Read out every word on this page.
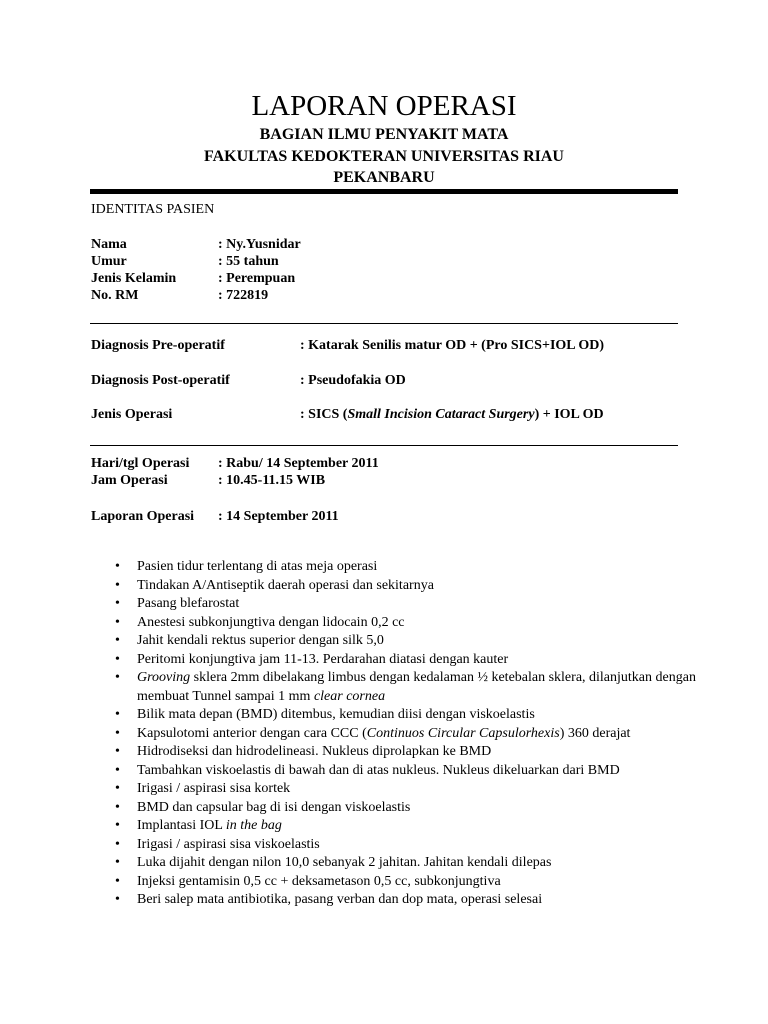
LAPORAN OPERASI
BAGIAN ILMU PENYAKIT MATA
FAKULTAS KEDOKTERAN UNIVERSITAS RIAU
PEKANBARU
IDENTITAS PASIEN
Nama	: Ny.Yusnidar
Umur	: 55 tahun
Jenis Kelamin	: Perempuan
No. RM	: 722819
Diagnosis Pre-operatif	: Katarak Senilis matur OD + (Pro SICS+IOL OD)
Diagnosis Post-operatif	: Pseudofakia OD
Jenis Operasi	: SICS (Small Incision Cataract Surgery) + IOL OD
Hari/tgl Operasi : Rabu/ 14 September 2011
Jam Operasi	: 10.45-11.15 WIB
Laporan Operasi : 14 September 2011
• Pasien tidur terlentang di atas meja operasi
• Tindakan A/Antiseptik daerah operasi dan sekitarnya
• Pasang blefarostat
• Anestesi subkonjungtiva dengan lidocain 0,2 cc
• Jahit kendali rektus superior dengan silk 5,0
• Peritomi konjungtiva jam 11-13. Perdarahan diatasi dengan kauter
• Grooving sklera 2mm dibelakang limbus dengan kedalaman ½ ketebalan sklera, dilanjutkan dengan membuat Tunnel sampai 1 mm clear cornea
• Bilik mata depan (BMD) ditembus, kemudian diisi dengan viskoelastis
• Kapsulotomi anterior dengan cara CCC (Continuos Circular Capsulorhexis) 360 derajat
• Hidrodiseksi dan hidrodelineasi. Nukleus diprolapkan ke BMD
• Tambahkan viskoelastis di bawah dan di atas nukleus. Nukleus dikeluarkan dari BMD
• Irigasi / aspirasi sisa kortek
• BMD dan capsular bag di isi dengan viskoelastis
• Implantasi IOL in the bag
• Irigasi / aspirasi sisa viskoelastis
• Luka dijahit dengan nilon 10,0 sebanyak 2 jahitan. Jahitan kendali dilepas
• Injeksi gentamisin 0,5 cc + deksametason 0,5 cc, subkonjungtiva
• Beri salep mata antibiotika, pasang verban dan dop mata, operasi selesai
